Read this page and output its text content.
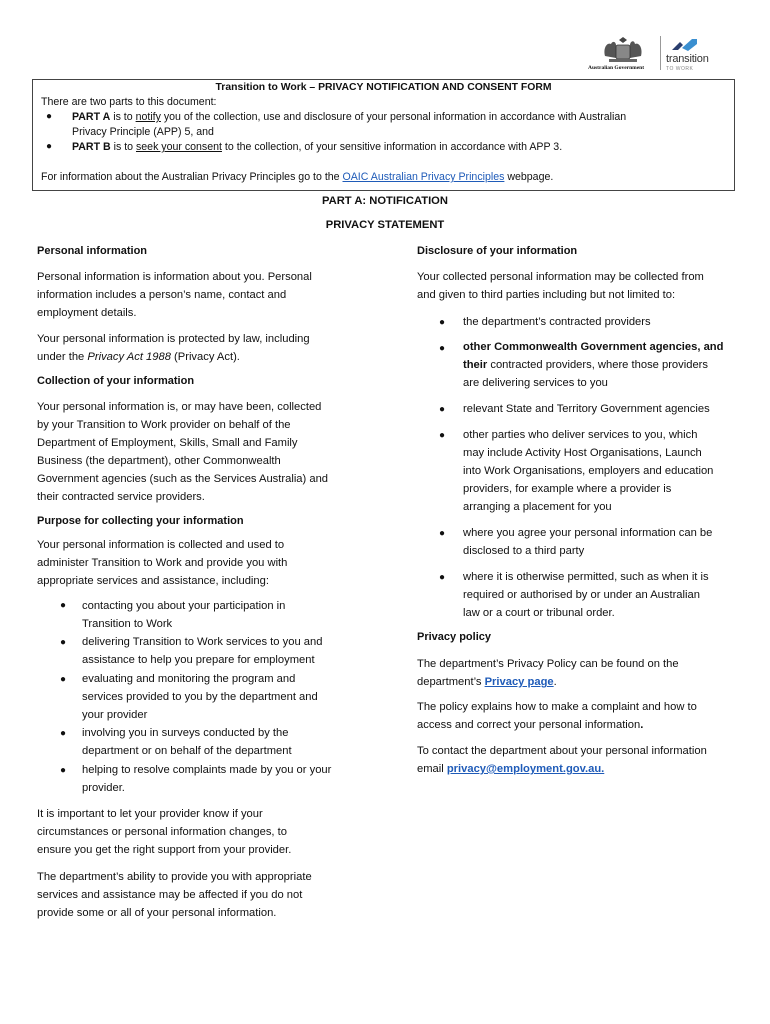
Australian Government
transition
TO WORK
Transition to Work – PRIVACY NOTIFICATION AND CONSENT FORM
There are two parts to this document:
● PART A is to notify you of the collection, use and disclosure of your personal information in accordance with Australian
Privacy Principle (APP) 5, and
● PART B is to seek your consent to the collection, of your sensitive information in accordance with APP 3.
For information about the Australian Privacy Principles go to the OAIC Australian Privacy Principles webpage.
PART A: NOTIFICATION
PRIVACY STATEMENT
Personal information
Personal information is information about you. Personal
information includes a person’s name, contact and
employment details.
Your personal information is protected by law, including
under the Privacy Act 1988 (Privacy Act).
Collection of your information
Your personal information is, or may have been, collected
by your Transition to Work provider on behalf of the
Department of Employment, Skills, Small and Family
Business (the department), other Commonwealth
Government agencies (such as the Services Australia) and
their contracted service providers.
Purpose for collecting your information
Your personal information is collected and used to
administer Transition to Work and provide you with
appropriate services and assistance, including:
● contacting you about your participation in
Transition to Work
● delivering Transition to Work services to you and
assistance to help you prepare for employment
● evaluating and monitoring the program and
services provided to you by the department and
your provider
● involving you in surveys conducted by the
department or on behalf of the department
● helping to resolve complaints made by you or your
provider.
It is important to let your provider know if your
circumstances or personal information changes, to
ensure you get the right support from your provider.
The department’s ability to provide you with appropriate
services and assistance may be affected if you do not
provide some or all of your personal information.
Disclosure of your information
Your collected personal information may be collected from
and given to third parties including but not limited to:
● the department’s contracted providers
● other Commonwealth Government agencies, and
their contracted providers, where those providers
are delivering services to you
● relevant State and Territory Government agencies
● other parties who deliver services to you, which
may include Activity Host Organisations, Launch
into Work Organisations, employers and education
providers, for example where a provider is
arranging a placement for you
● where you agree your personal information can be
disclosed to a third party
● where it is otherwise permitted, such as when it is
required or authorised by or under an Australian
law or a court or tribunal order.
Privacy policy
The department’s Privacy Policy can be found on the
department’s Privacy page.
The policy explains how to make a complaint and how to
access and correct your personal information.
To contact the department about your personal information
email privacy@employment.gov.au.
